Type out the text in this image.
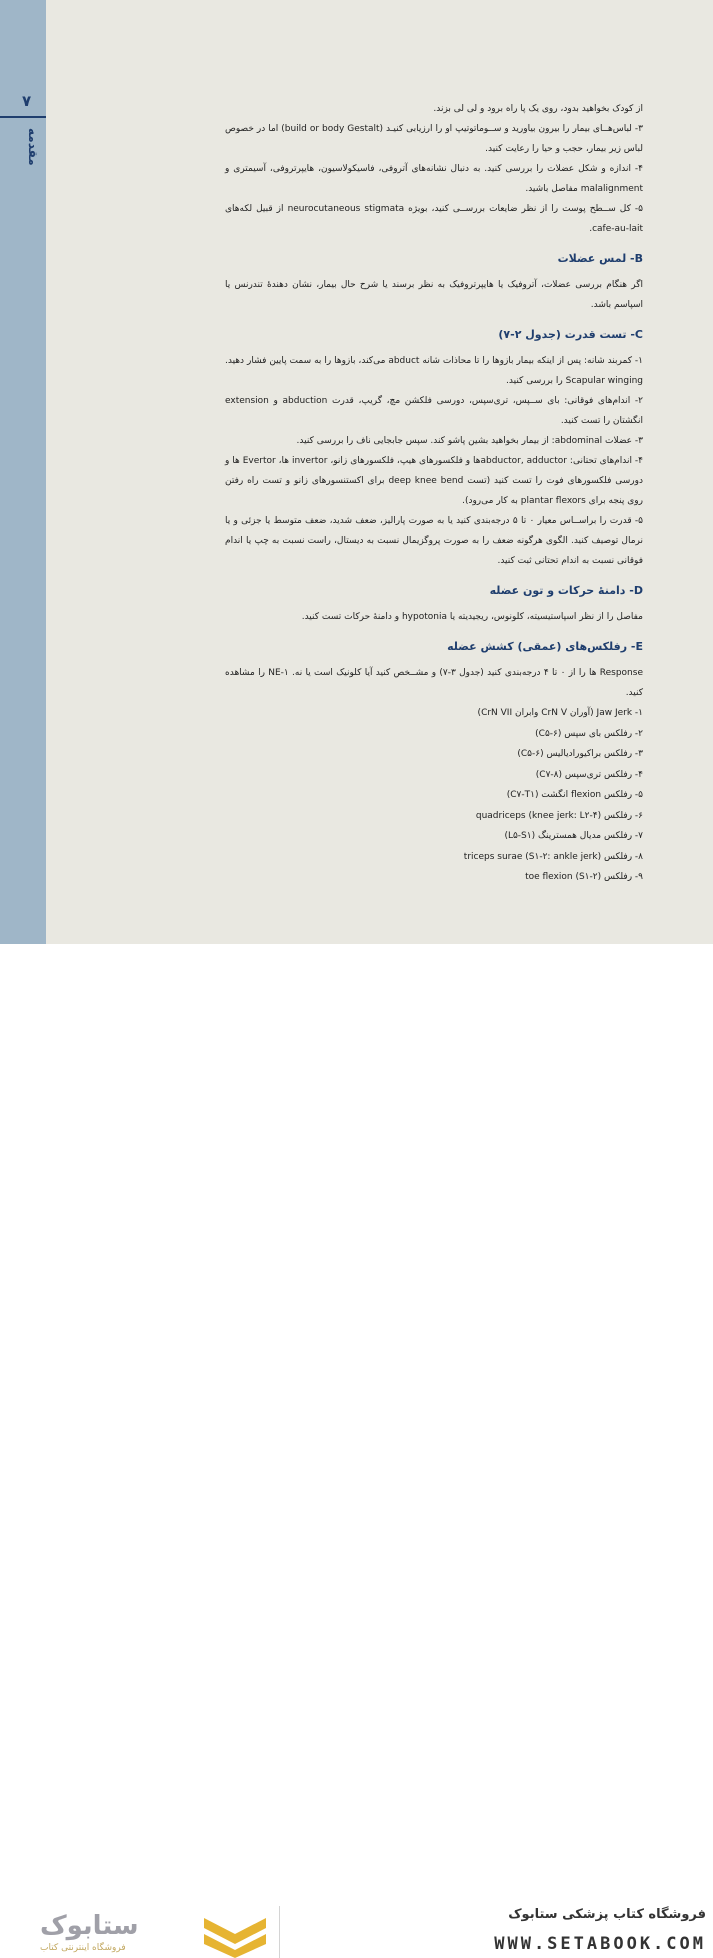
۷
مقدمه

از کودک بخواهید بدود، روی یک پا راه برود و لی لی بزند.

۳- لباس‌هــای بیمار را بیرون بیاورید و ســوماتوتیپ او را ارزیابی کنیـد (build or body Gestalt) اما در خصوص لباس زیر بیمار، حجب و حیا را رعایت کنید.

۴- اندازه و شکل عضلات را بررسی کنید. به دنبال نشانه‌های آتروفی، فاسیکولاسیون، هایپرتروفی، آسیمتری و malalignment مفاصل باشید.

۵- کل ســطح پوست را از نظر ضایعات بررســی کنید، بویژه neurocutaneous stigmata از قبیل لکه‌های cafe-au-lait.

B- لمس عضلات

اگر هنگام بررسی عضلات، آتروفیک یا هایپرتروفیک به نظر برسند یا شرح حال بیمار، نشان دهندهٔ تندرنس یا اسپاسم باشد.

C- تست قدرت (جدول ۲-۷)

۱- کمربند شانه: پس از اینکه بیمار بازوها را تا محاذات شانه abduct می‌کند، بازوها را به سمت پایین فشار دهید. Scapular winging را بررسی کنید.

۲- اندام‌های فوقانی: بای ســپس، تری‌سپس، دورسی فلکشن مچ، گریپ، قدرت abduction و extension انگشتان را تست کنید.

۳- عضلات abdominal: از بیمار بخواهید بشین پاشو کند. سپس جابجایی ناف را بررسی کنید.

۴- اندام‌های تحتانی: abductor, adductorها و فلکسورهای هیپ، فلکسورهای زانو، invertor ها، Evertor ها و دورسی فلکسورهای فوت را تست کنید (تست deep knee bend برای اکستنسورهای زانو و تست راه رفتن روی پنجه برای plantar flexors به کار می‌رود).

۵- قدرت را براســاس معیار ۰ تا ۵ درجه‌بندی کنید یا به صورت پارالیز، ضعف شدید، ضعف متوسط یا جزئی و یا نرمال توصیف کنید. الگوی هرگونه ضعف را به صورت پروگزیمال نسبت به دیستال، راست نسبت به چپ یا اندام فوقانی نسبت به اندام تحتانی ثبت کنید.

D- دامنهٔ حرکات و تون عضله

مفاصل را از نظر اسپاستیسیته، کلونوس، ریجیدیته یا hypotonia و دامنهٔ حرکات تست کنید.

E- رفلکس‌های (عمقی) کشش عضله

Response ها را از ۰ تا ۴ درجه‌بندی کنید (جدول ۳-۷) و مشــخص کنید آیا کلونیک است یا نه. NE-۱ را مشاهده کنید.

۱- Jaw Jerk (آوران CrN V وابران CrN VII)

۲- رفلکس بای سپس (C۵-۶)

۳- رفلکس براکیورادیالیس (C۵-۶)

۴- رفلکس تری‌سپس (C۷-۸)

۵- رفلکس flexion انگشت (C۷-T۱)

۶- رفلکس quadriceps (knee jerk: L۲-۴)

۷- رفلکس مدیال همسترینگ (L۵-S۱)

۸- رفلکس triceps surae (S۱-۲: ankle jerk)

۹- رفلکس toe flexion (S۱-۲)

ستابوک
فروشگاه اینترنتی کتاب
فروشگاه کتاب پزشکی ستابوک
WWW.SETABOOK.COM
